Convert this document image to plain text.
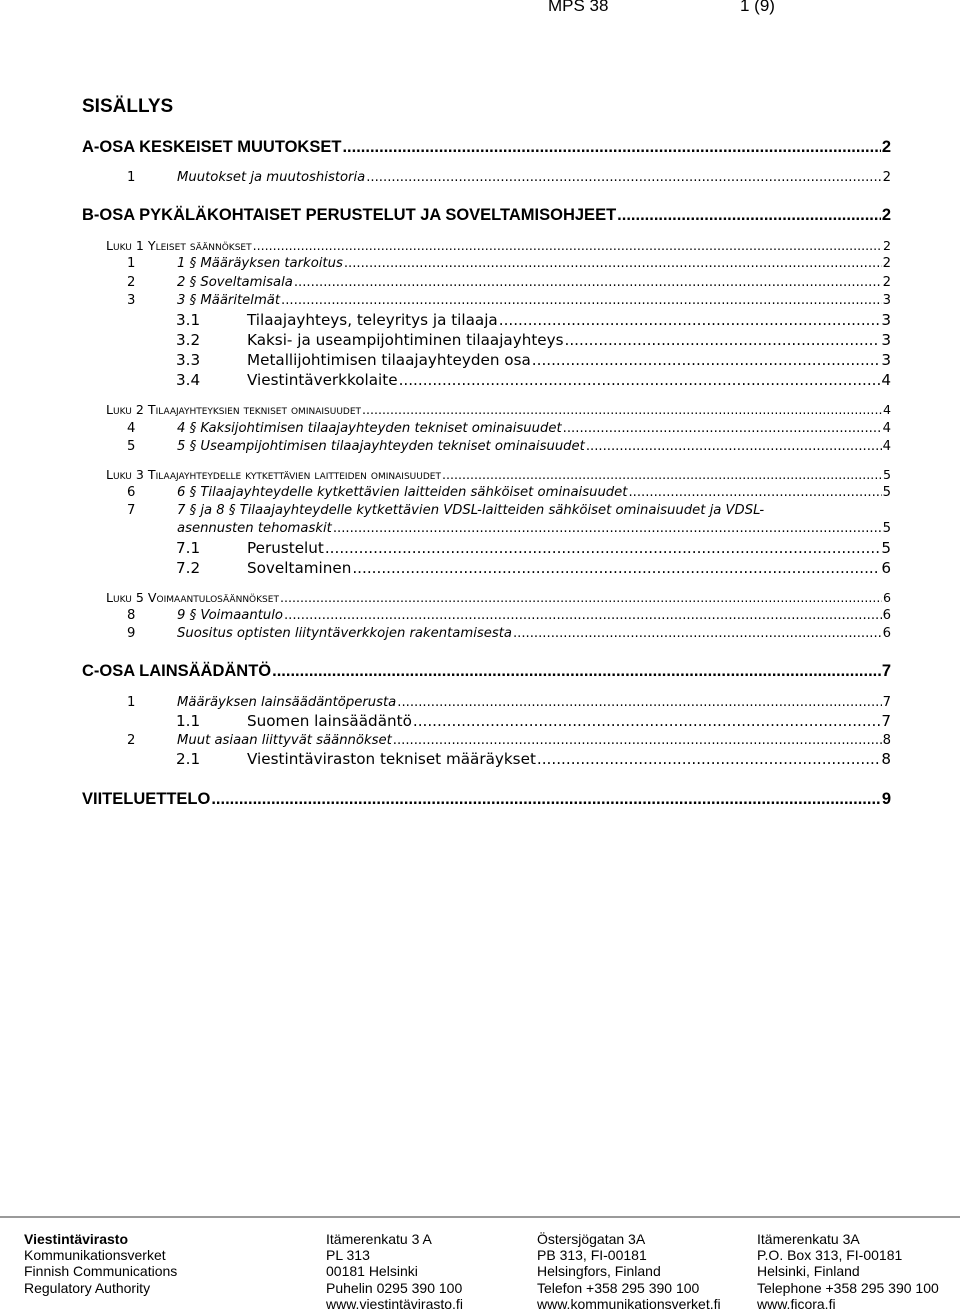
MPS 38	1 (9)
SISÄLLYS
A-OSA KESKEISET MUUTOKSET .....	2
1	Muutokset ja muutoshistoria .....	2
B-OSA PYKÄLÄKOHTAISET PERUSTELUT JA SOVELTAMISOHJEET .....	2
Luku 1 Yleiset säännökset .....	2
1	1 § Määräyksen tarkoitus .....	2
2	2 § Soveltamisala .....	2
3	3 § Määritelmät .....	3
3.1	Tilaajayhteys, teleyritys ja tilaaja .....	3
3.2	Kaksi- ja useampijohtiminen tilaajayhteys .....	3
3.3	Metallijohtimisen tilaajayhteyden osa .....	3
3.4	Viestintäverkkolaite .....	4
Luku 2 Tilaajayhteyksien tekniset ominaisuudet .....	4
4	4 § Kaksijohtimisen tilaajayhteyden tekniset ominaisuudet .....	4
5	5 § Useampijohtimisen tilaajayhteyden tekniset ominaisuudet .....	4
Luku 3 Tilaajayhteydelle kytkettävien laitteiden ominaisuudet .....	5
6	6 § Tilaajayhteydelle kytkettävien laitteiden sähköiset ominaisuudet .....	5
7	7 § ja 8 § Tilaajayhteydelle kytkettävien VDSL-laitteiden sähköiset ominaisuudet ja VDSL-
asennusten tehomaskit .....	5
7.1	Perustelut .....	5
7.2	Soveltaminen .....	6
Luku 5 Voimaantulosäännökset .....	6
8	9 § Voimaantulo .....	6
9	Suositus optisten liityntäverkkojen rakentamisesta .....	6
C-OSA LAINSÄÄDÄNTÖ .....	7
1	Määräyksen lainsäädäntöperusta .....	7
1.1	Suomen lainsäädäntö .....	7
2	Muut asiaan liittyvät säännökset .....	8
2.1	Viestintäviraston tekniset määräykset .....	8
VIITELUETTELO .....	9
Viestintävirasto
Kommunikationsverket
Finnish Communications
Regulatory Authority
Itämerenkatu 3 A
PL 313
00181 Helsinki
Puhelin 0295 390 100
www.viestintävirasto.fi
Östersjögatan 3A
PB 313, FI-00181
Helsingfors, Finland
Telefon +358 295 390 100
www.kommunikationsverket.fi
Itämerenkatu 3A
P.O. Box 313, FI-00181
Helsinki, Finland
Telephone +358 295 390 100
www.ficora.fi
